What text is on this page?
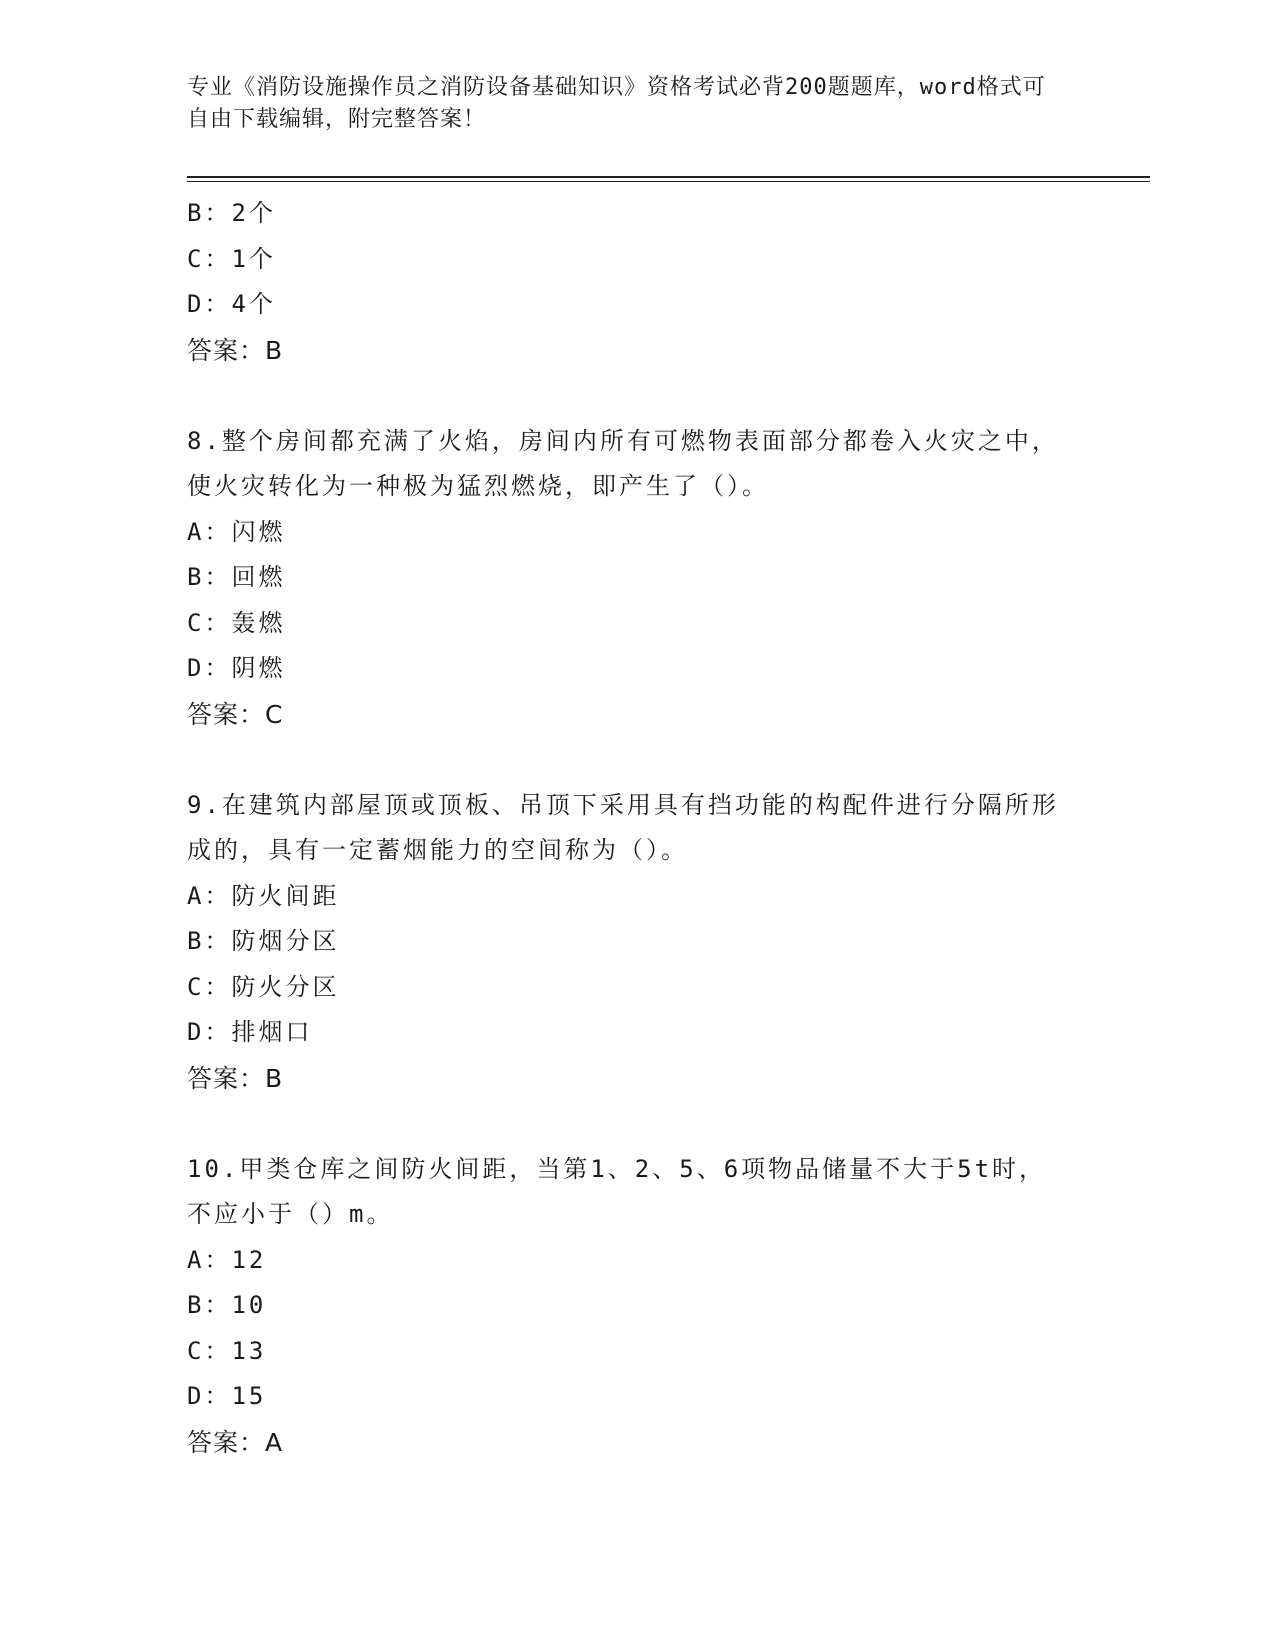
专业《消防设施操作员之消防设备基础知识》资格考试必背200题题库，word格式可自由下载编辑，附完整答案！
B：2个
C：1个
D：4个
答案：B
8.整个房间都充满了火焰，房间内所有可燃物表面部分都卷入火灾之中，使火灾转化为一种极为猛烈燃烧，即产生了（）。
A：闪燃
B：回燃
C：轰燃
D：阴燃
答案：C
9.在建筑内部屋顶或顶板、吊顶下采用具有挡功能的构配件进行分隔所形成的，具有一定蓄烟能力的空间称为（）。
A：防火间距
B：防烟分区
C：防火分区
D：排烟口
答案：B
10.甲类仓库之间防火间距，当第1、2、5、6项物品储量不大于5t时，不应小于（）m。
A：12
B：10
C：13
D：15
答案：A
